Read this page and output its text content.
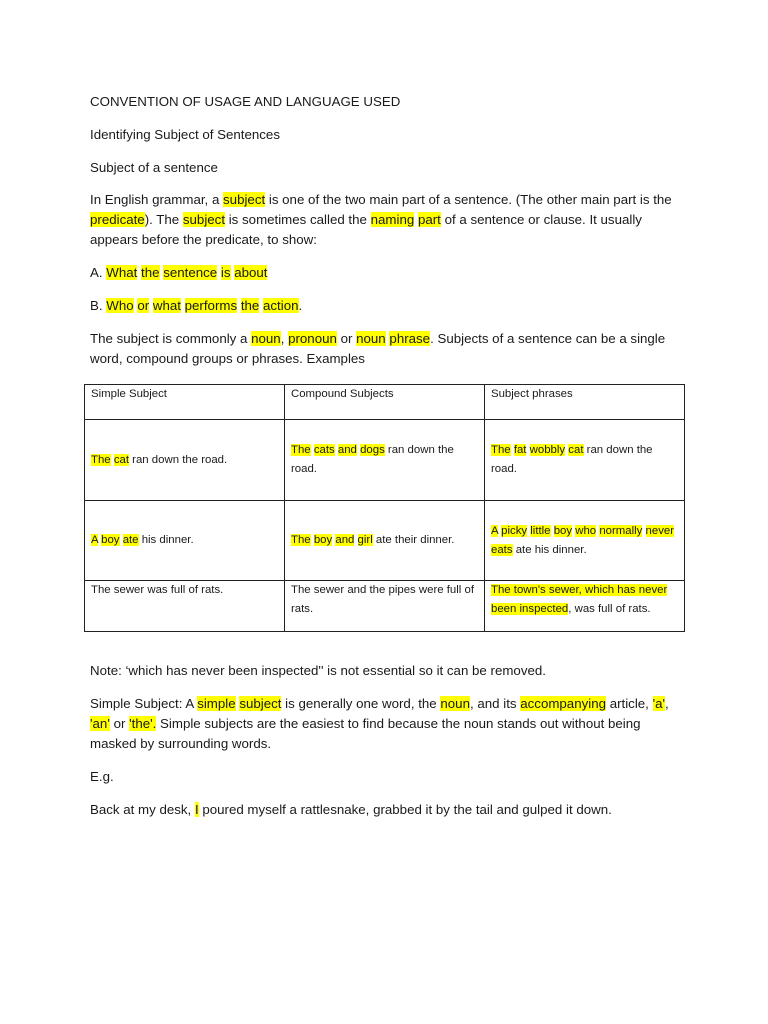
CONVENTION OF USAGE AND LANGUAGE USED

Identifying Subject of Sentences

Subject of a sentence

In English grammar, a subject is one of the two main part of a sentence. (The other main part is the predicate). The subject is sometimes called the naming part of a sentence or clause. It usually appears before the predicate, to show:

A. What the sentence is about

B. Who or what performs the action.

The subject is commonly a noun, pronoun or noun phrase. Subjects of a sentence can be a single word, compound groups or phrases. Examples

Simple Subject	Compound Subjects	Subject phrases
The cat ran down the road.	The cats and dogs ran down the road.	The fat wobbly cat ran down the road.
A boy ate his dinner.	The boy and girl ate their dinner.	A picky little boy who normally never eats ate his dinner.
The sewer was full of rats.	The sewer and the pipes were full of rats.	The town's sewer, which has never been inspected, was full of rats.

Note: ‘which has never been inspected'' is not essential so it can be removed.

Simple Subject: A simple subject is generally one word, the noun, and its accompanying article, 'a', 'an' or 'the'. Simple subjects are the easiest to find because the noun stands out without being masked by surrounding words.

E.g.

Back at my desk, I poured myself a rattlesnake, grabbed it by the tail and gulped it down.
